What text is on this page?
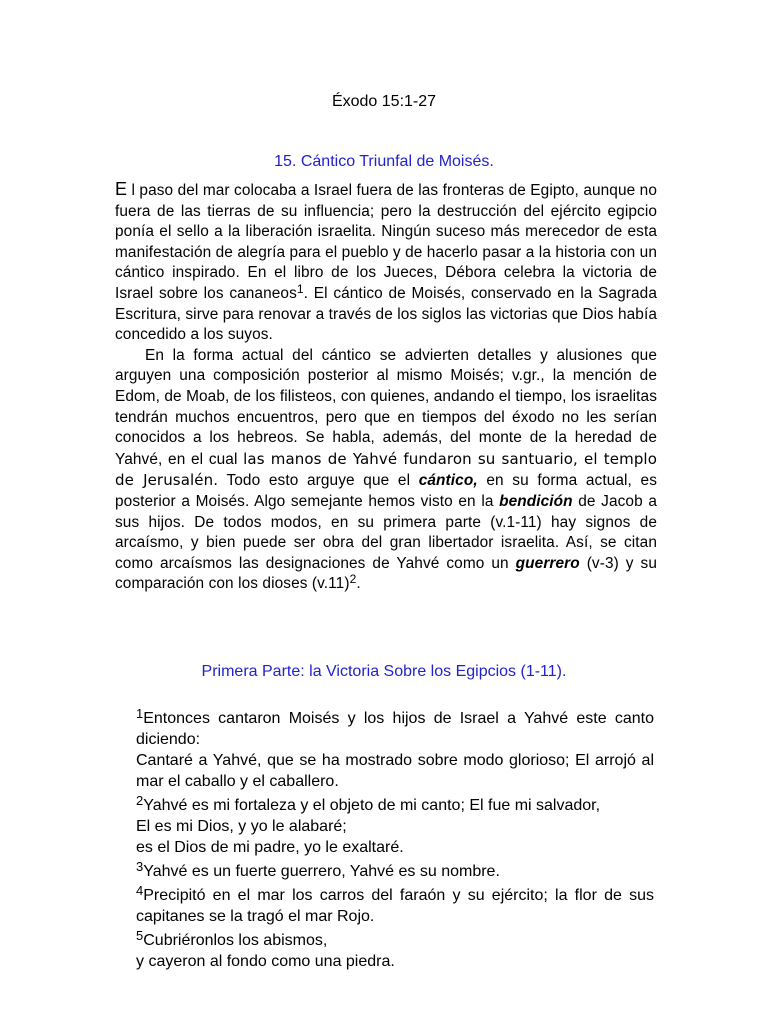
Éxodo 15:1-27
15. Cántico Triunfal de Moisés.

E l paso del mar colocaba a Israel fuera de las fronteras de Egipto, aunque no fuera de las tierras de su influencia; pero la destrucción del ejército egipcio ponía el sello a la liberación israelita. Ningún suceso más merecedor de esta manifestación de alegría para el pueblo y de hacerlo pasar a la historia con un cántico inspirado. En el libro de los Jueces, Débora celebra la victoria de Israel sobre los cananeos$^1$. El cántico de Moisés, conservado en la Sagrada Escritura, sirve para renovar a través de los siglos las victorias que Dios había concedido a los suyos.

En la forma actual del cántico se advierten detalles y alusiones que arguyen una composición posterior al mismo Moisés; v.gr., la mención de Edom, de Moab, de los filisteos, con quienes, andando el tiempo, los israelitas tendrán muchos encuentros, pero que en tiempos del éxodo no les serían conocidos a los hebreos. Se habla, además, del monte de la heredad de Yahvé, en el cual las manos de Yahvé fundaron su santuario, el templo de Jerusalén. Todo esto arguye que el cántico, en su forma actual, es posterior a Moisés. Algo semejante hemos visto en la bendición de Jacob a sus hijos. De todos modos, en su primera parte (v.1-11) hay signos de arcaísmo, y bien puede ser obra del gran libertador israelita. Así, se citan como arcaísmos las designaciones de Yahvé como un guerrero (v-3) y su comparación con los dioses $(v.11)^2$.

Primera Parte: la Victoria Sobre los Egipcios (1-11).

$^1$Entonces cantaron Moisés y los hijos de Israel a Yahvé este canto diciendo:

Cantaré a Yahvé, que se ha mostrado sobre modo glorioso; El arrojó al mar el caballo y el caballero.

$^2$Yahvé es mi fortaleza y el objeto de mi canto; El fue mi salvador,

El es mi Dios, y yo le alabaré;

es el Dios de mi padre, yo le exaltaré.

$^3$Yahvé es un fuerte guerrero, Yahvé es su nombre.

$^4$Precipitó en el mar los carros del faraón y su ejército; la flor de sus capitanes se la tragó el mar Rojo.

$^5$Cubriéronlos los abismos,

y cayeron al fondo como una piedra.
